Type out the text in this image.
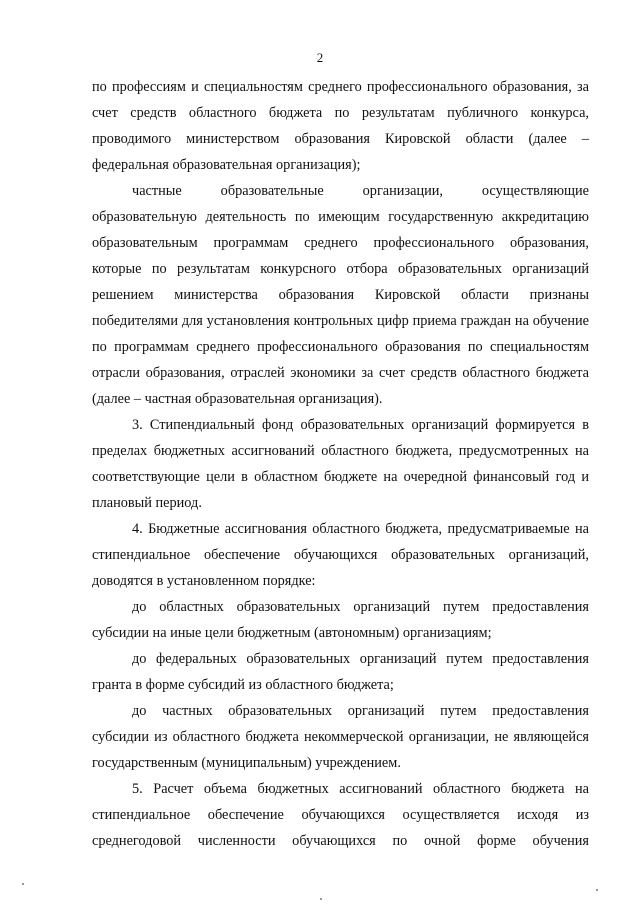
2

по профессиям и специальностям среднего профессионального образования, за счет средств областного бюджета по результатам публичного конкурса, проводимого министерством образования Кировской области (далее – федеральная образовательная организация);

частные образовательные организации, осуществляющие образовательную деятельность по имеющим государственную аккредитацию образовательным программам среднего профессионального образования, которые по результатам конкурсного отбора образовательных организаций решением министерства образования Кировской области признаны победителями для установления контрольных цифр приема граждан на обучение по программам среднего профессионального образования по специальностям отрасли образования, отраслей экономики за счет средств областного бюджета (далее – частная образовательная организация).

3. Стипендиальный фонд образовательных организаций формируется в пределах бюджетных ассигнований областного бюджета, предусмотренных на соответствующие цели в областном бюджете на очередной финансовый год и плановый период.

4. Бюджетные ассигнования областного бюджета, предусматриваемые на стипендиальное обеспечение обучающихся образовательных организаций, доводятся в установленном порядке:

до областных образовательных организаций путем предоставления субсидии на иные цели бюджетным (автономным) организациям;

до федеральных образовательных организаций путем предоставления гранта в форме субсидий из областного бюджета;

до частных образовательных организаций путем предоставления субсидии из областного бюджета некоммерческой организации, не являющейся государственным (муниципальным) учреждением.

5. Расчет объема бюджетных ассигнований областного бюджета на стипендиальное обеспечение обучающихся осуществляется исходя из среднегодовой численности обучающихся по очной форме обучения
